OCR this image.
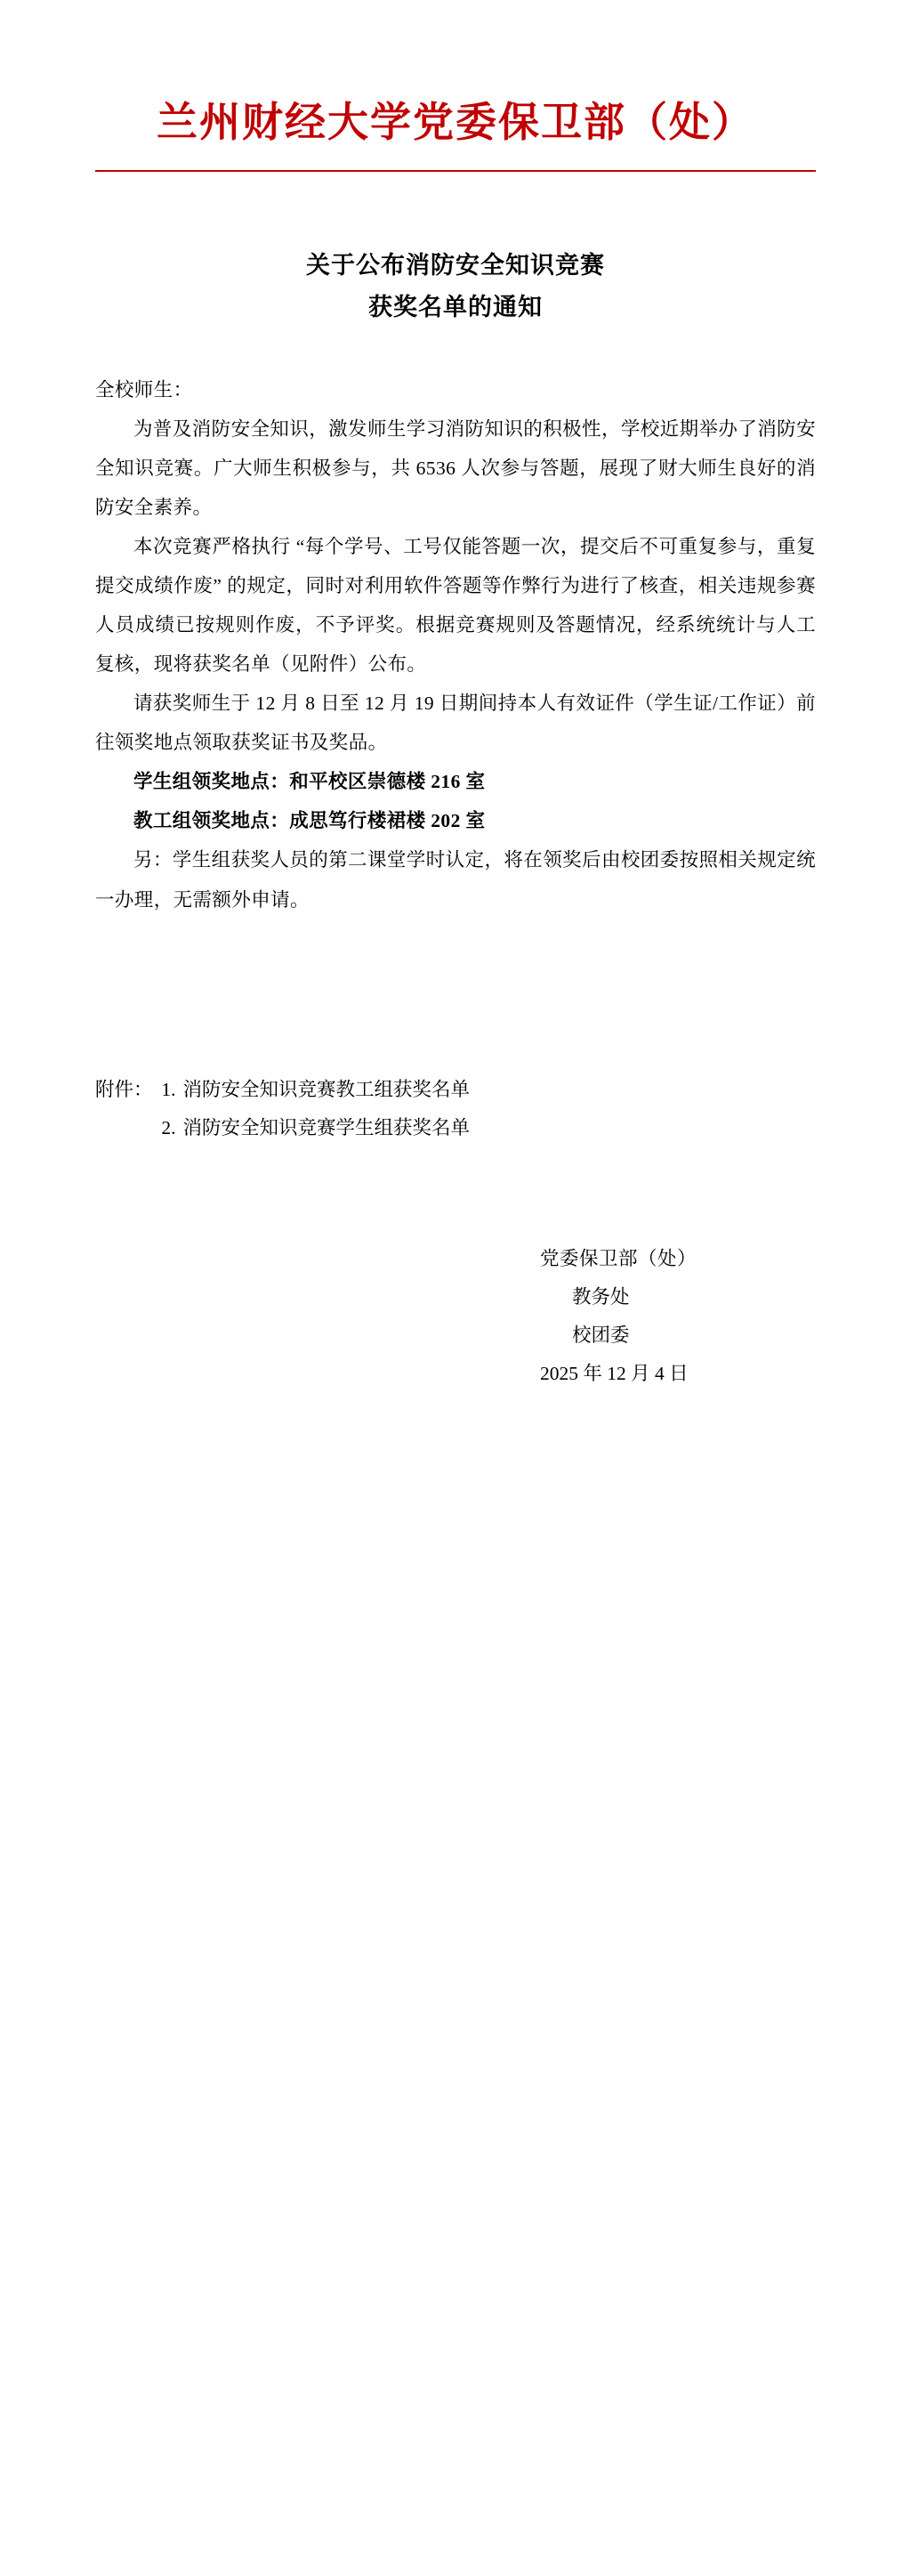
兰州财经大学党委保卫部（处）
关于公布消防安全知识竞赛
获奖名单的通知

全校师生：

为普及消防安全知识，激发师生学习消防知识的积极性，学校近期举办了消防安全知识竞赛。广大师生积极参与，共 6536 人次参与答题，展现了财大师生良好的消防安全素养。

本次竞赛严格执行 “每个学号、工号仅能答题一次，提交后不可重复参与，重复提交成绩作废” 的规定，同时对利用软件答题等作弊行为进行了核查，相关违规参赛人员成绩已按规则作废，不予评奖。根据竞赛规则及答题情况，经系统统计与人工复核，现将获奖名单（见附件）公布。

请获奖师生于 12 月 8 日至 12 月 19 日期间持本人有效证件（学生证/工作证）前往领奖地点领取获奖证书及奖品。

学生组领奖地点：和平校区崇德楼 216 室

教工组领奖地点：成思笃行楼裙楼 202 室

另：学生组获奖人员的第二课堂学时认定，将在领奖后由校团委按照相关规定统一办理，无需额外申请。

附件： 1. 消防安全知识竞赛教工组获奖名单
2. 消防安全知识竞赛学生组获奖名单
党委保卫部（处）
教务处
校团委
2025 年 12 月 4 日
